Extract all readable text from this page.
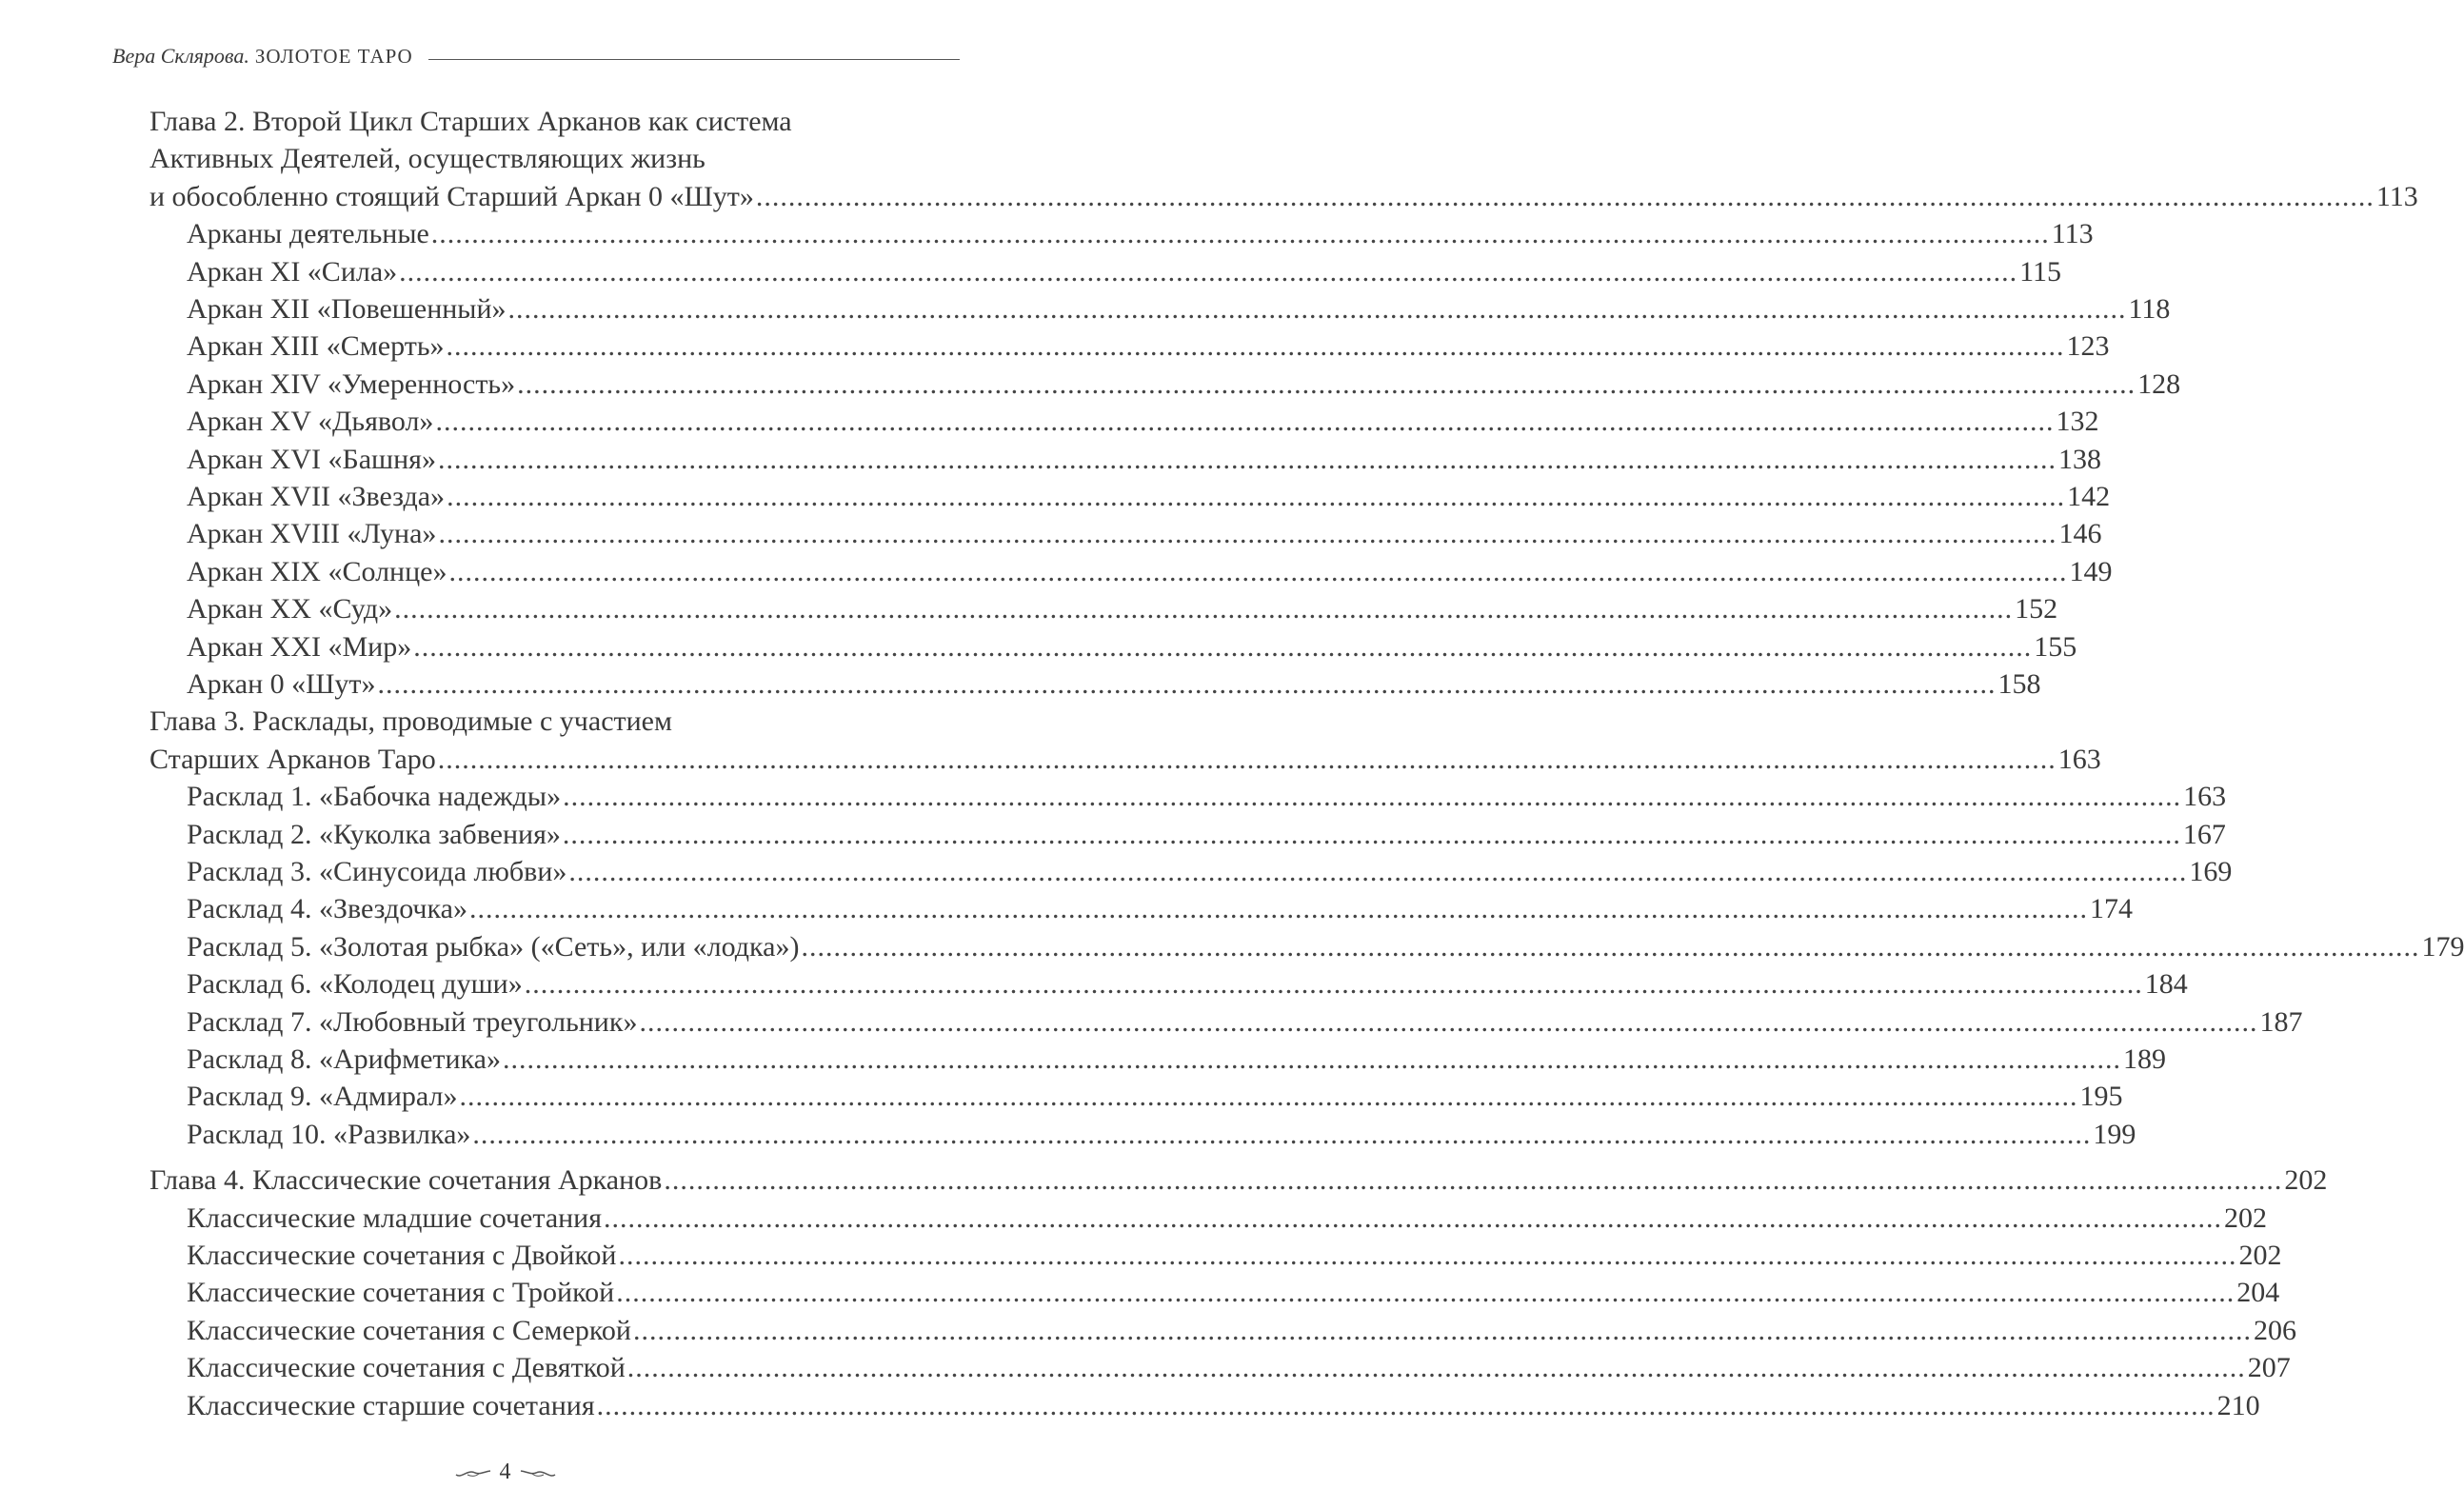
Вера Склярова . ЗОЛОТОЕ ТАРО
Глава 2. Второй Цикл Старших Арканов как система
Активных Деятелей, осуществляющих жизнь
и обособленно стоящий Старший Аркан 0 «Шут» ........................................................................................................................................................................................................ 113
Арканы деятельные ........................................................................................................................................................................................................ 113
Аркан XI «Сила» ........................................................................................................................................................................................................ 115
Аркан XII «Повешенный» ........................................................................................................................................................................................................ 118
Аркан XIII «Смерть» ........................................................................................................................................................................................................ 123
Аркан XIV «Умеренность» ........................................................................................................................................................................................................ 128
Аркан XV «Дьявол» ........................................................................................................................................................................................................ 132
Аркан XVI «Башня» ........................................................................................................................................................................................................ 138
Аркан XVII «Звезда» ........................................................................................................................................................................................................ 142
Аркан XVIII «Луна» ........................................................................................................................................................................................................ 146
Аркан XIX «Солнце» ........................................................................................................................................................................................................ 149
Аркан XX «Суд» ........................................................................................................................................................................................................ 152
Аркан XXI «Мир» ........................................................................................................................................................................................................ 155
Аркан 0 «Шут» ........................................................................................................................................................................................................ 158
Глава 3. Расклады, проводимые с участием
Старших Арканов Таро ........................................................................................................................................................................................................ 163
Расклад 1. «Бабочка надежды» ........................................................................................................................................................................................................ 163
Расклад 2. «Куколка забвения» ........................................................................................................................................................................................................ 167
Расклад 3. «Синусоида любви» ........................................................................................................................................................................................................ 169
Расклад 4. «Звездочка» ........................................................................................................................................................................................................ 174
Расклад 5. «Золотая рыбка» («Сеть», или «лодка») ........................................................................................................................................................................................................ 179
Расклад 6. «Колодец души» ........................................................................................................................................................................................................ 184
Расклад 7. «Любовный треугольник» ........................................................................................................................................................................................................ 187
Расклад 8. «Арифметика» ........................................................................................................................................................................................................ 189
Расклад 9. «Адмирал» ........................................................................................................................................................................................................ 195
Расклад 10. «Развилка» ........................................................................................................................................................................................................ 199
Глава 4. Классические сочетания Арканов ........................................................................................................................................................................................................ 202
Классические младшие сочетания ........................................................................................................................................................................................................ 202
Классические сочетания с Двойкой ........................................................................................................................................................................................................ 202
Классические сочетания с Тройкой ........................................................................................................................................................................................................ 204
Классические сочетания с Семеркой ........................................................................................................................................................................................................ 206
Классические сочетания с Девяткой ........................................................................................................................................................................................................ 207
Классические старшие сочетания ........................................................................................................................................................................................................ 210
4
